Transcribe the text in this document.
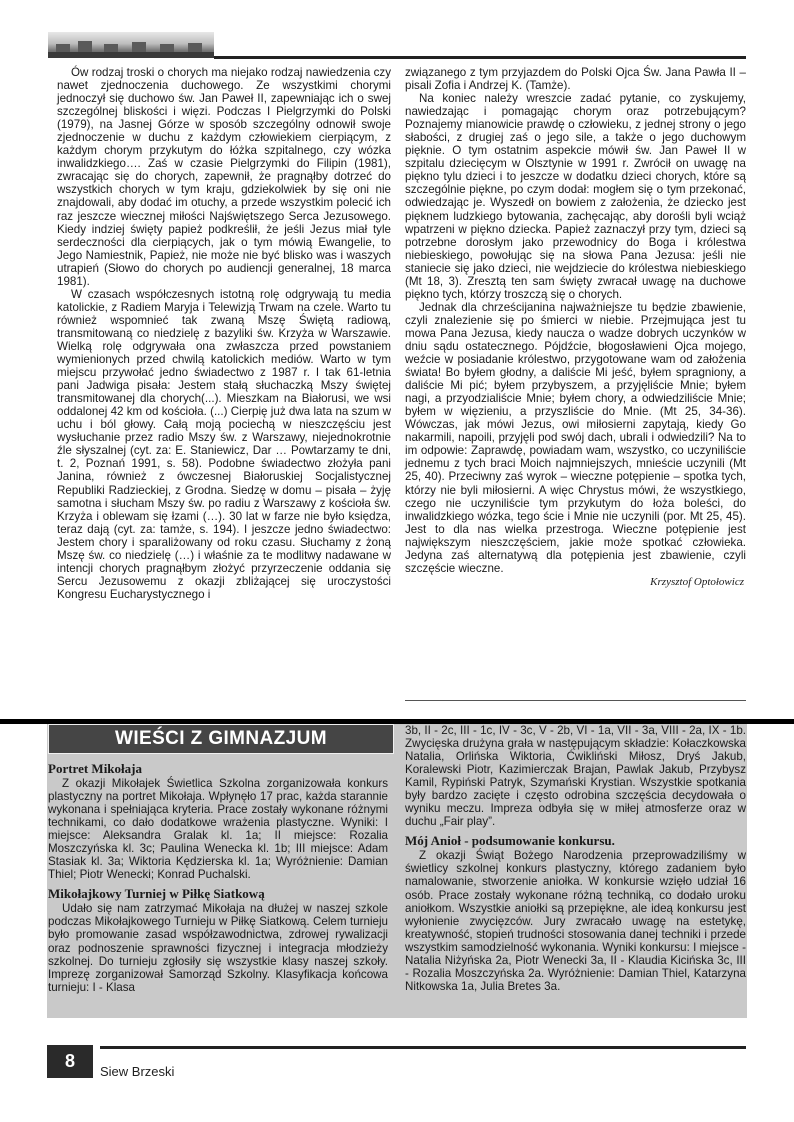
Ów rodzaj troski o chorych ma niejako rodzaj nawiedzenia czy nawet zjednoczenia duchowego. Ze wszystkimi chorymi jednoczył się duchowo św. Jan Paweł II, zapewniając ich o swej szczególnej bliskości i więzi. Podczas I Pielgrzymki do Polski (1979), na Jasnej Górze w sposób szczególny odnowił swoje zjednoczenie w duchu z każdym człowiekiem cierpiącym, z każdym chorym przykutym do łóżka szpitalnego, czy wózka inwalidzkiego…. Zaś w czasie Pielgrzymki do Filipin (1981), zwracając się do chorych, zapewnił, że pragnąłby dotrzeć do wszystkich chorych w tym kraju, gdziekolwiek by się oni nie znajdowali, aby dodać im otuchy, a przede wszystkim polecić ich raz jeszcze wiecznej miłości Najświętszego Serca Jezusowego. Kiedy indziej święty papież podkreślił, że jeśli Jezus miał tyle serdeczności dla cierpiących, jak o tym mówią Ewangelie, to Jego Namiestnik, Papież, nie może nie być blisko was i waszych utrapień (Słowo do chorych po audiencji generalnej, 18 marca 1981).

W czasach współczesnych istotną rolę odgrywają tu media katolickie, z Radiem Maryja i Telewizją Trwam na czele. Warto tu również wspomnieć tak zwaną Mszę Świętą radiową, transmitowaną co niedzielę z bazyliki św. Krzyża w Warszawie. Wielką rolę odgrywała ona zwłaszcza przed powstaniem wymienionych przed chwilą katolickich mediów. Warto w tym miejscu przywołać jedno świadectwo z 1987 r. I tak 61-letnia pani Jadwiga pisała: Jestem stałą słuchaczką Mszy świętej transmitowanej dla chorych(...). Mieszkam na Białorusi, we wsi oddalonej 42 km od kościoła. (...) Cierpię już dwa lata na szum w uchu i ból głowy. Całą moją pociechą w nieszczęściu jest wysłuchanie przez radio Mszy św. z Warszawy, niejednokrotnie źle słyszalnej (cyt. za: E. Staniewicz, Dar … Powtarzamy te dni, t. 2, Poznań 1991, s. 58). Podobne świadectwo złożyła pani Janina, również z ówczesnej Białoruskiej Socjalistycznej Republiki Radzieckiej, z Grodna. Siedzę w domu – pisała – żyję samotna i słucham Mszy św. po radiu z Warszawy z kościoła św. Krzyża i oblewam się łzami (…). 30 lat w farze nie było księdza, teraz dają (cyt. za: tamże, s. 194). I jeszcze jedno świadectwo: Jestem chory i sparaliżowany od roku czasu. Słuchamy z żoną Mszę św. co niedzielę (…) i właśnie za te modlitwy nadawane w intencji chorych pragnąłbym złożyć przyrzeczenie oddania się Sercu Jezusowemu z okazji zbliżającej się uroczystości Kongresu Eucharystycznego i

związanego z tym przyjazdem do Polski Ojca Św. Jana Pawła II – pisali Zofia i Andrzej K. (Tamże).

Na koniec należy wreszcie zadać pytanie, co zyskujemy, nawiedzając i pomagając chorym oraz potrzebującym? Poznajemy mianowicie prawdę o człowieku, z jednej strony o jego słabości, z drugiej zaś o jego sile, a także o jego duchowym pięknie. O tym ostatnim aspekcie mówił św. Jan Paweł II w szpitalu dziecięcym w Olsztynie w 1991 r. Zwrócił on uwagę na piękno tylu dzieci i to jeszcze w dodatku dzieci chorych, które są szczególnie piękne, po czym dodał: mogłem się o tym przekonać, odwiedzając je. Wyszedł on bowiem z założenia, że dziecko jest pięknem ludzkiego bytowania, zachęcając, aby dorośli byli wciąż wpatrzeni w piękno dziecka. Papież zaznaczył przy tym, dzieci są potrzebne dorosłym jako przewodnicy do Boga i królestwa niebieskiego, powołując się na słowa Pana Jezusa: jeśli nie staniecie się jako dzieci, nie wejdziecie do królestwa niebieskiego (Mt 18, 3). Zresztą ten sam święty zwracał uwagę na duchowe piękno tych, którzy troszczą się o chorych.

Jednak dla chrześcijanina najważniejsze tu będzie zbawienie, czyli znalezienie się po śmierci w niebie. Przejmująca jest tu mowa Pana Jezusa, kiedy naucza o wadze dobrych uczynków w dniu sądu ostatecznego. Pójdźcie, błogosławieni Ojca mojego, weźcie w posiadanie królestwo, przygotowane wam od założenia świata! Bo byłem głodny, a daliście Mi jeść, byłem spragniony, a daliście Mi pić; byłem przybyszem, a przyjęliście Mnie; byłem nagi, a przyodzialiście Mnie; byłem chory, a odwiedziliście Mnie; byłem w więzieniu, a przyszliście do Mnie. (Mt 25, 34-36). Wówczas, jak mówi Jezus, owi miłosierni zapytają, kiedy Go nakarmili, napoili, przyjęli pod swój dach, ubrali i odwiedzili? Na to im odpowie: Zaprawdę, powiadam wam, wszystko, co uczyniliście jednemu z tych braci Moich najmniejszych, mnieście uczynili (Mt 25, 40). Przeciwny zaś wyrok – wieczne potępienie – spotka tych, którzy nie byli miłosierni. A więc Chrystus mówi, że wszystkiego, czego nie uczyniliście tym przykutym do łoża boleści, do inwalidzkiego wózka, tego ście i Mnie nie uczynili (por. Mt 25, 45). Jest to dla nas wielka przestroga. Wieczne potępienie jest największym nieszczęściem, jakie może spotkać człowieka. Jedyna zaś alternatywą dla potępienia jest zbawienie, czyli szczęście wieczne.

Krzysztof Optołowicz
WIEŚCI Z GIMNAZJUM
Portret Mikołaja

Z okazji Mikołajek Świetlica Szkolna zorganizowała konkurs plastyczny na portret Mikołaja. Wpłynęło 17 prac, każda starannie wykonana i spełniająca kryteria. Prace zostały wykonane różnymi technikami, co dało dodatkowe wrażenia plastyczne. Wyniki: I miejsce: Aleksandra Gralak kl. 1a; II miejsce: Rozalia Moszczyńska kl. 3c; Paulina Wenecka kl. 1b; III miejsce: Adam Stasiak kl. 3a; Wiktoria Kędzierska kl. 1a; Wyróżnienie: Damian Thiel; Piotr Wenecki; Konrad Puchalski.

Mikołajkowy Turniej w Piłkę Siatkową

Udało się nam zatrzymać Mikołaja na dłużej w naszej szkole podczas Mikołajkowego Turnieju w Piłkę Siatkową. Celem turnieju było promowanie zasad współzawodnictwa, zdrowej rywalizacji oraz podnoszenie sprawności fizycznej i integracja młodzieży szkolnej. Do turnieju zgłosiły się wszystkie klasy naszej szkoły. Imprezę zorganizował Samorząd Szkolny. Klasyfikacja końcowa turnieju: I - Klasa

3b, II - 2c, III - 1c, IV - 3c, V - 2b, VI - 1a, VII - 3a, VIII - 2a, IX - 1b. Zwycięska drużyna grała w następującym składzie: Kołaczkowska Natalia, Orlińska Wiktoria, Ćwikliński Miłosz, Dryś Jakub, Koralewski Piotr, Kazimierczak Brajan, Pawlak Jakub, Przybysz Kamil, Rypiński Patryk, Szymański Krystian. Wszystkie spotkania były bardzo zacięte i często odrobina szczęścia decydowała o wyniku meczu. Impreza odbyła się w miłej atmosferze oraz w duchu „Fair play”.

Mój Anioł - podsumowanie konkursu.

Z okazji Świąt Bożego Narodzenia przeprowadziliśmy w świetlicy szkolnej konkurs plastyczny, którego zadaniem było namalowanie, stworzenie aniołka. W konkursie wzięło udział 16 osób. Prace zostały wykonane różną techniką, co dodało uroku aniołkom. Wszystkie aniołki są przepiękne, ale ideą konkursu jest wyłonienie zwycięzców. Jury zwracało uwagę na estetykę, kreatywność, stopień trudności stosowania danej techniki i przede wszystkim samodzielność wykonania. Wyniki konkursu: I miejsce - Natalia Niżyńska 2a, Piotr Wenecki 3a, II - Klaudia Kicińska 3c, III - Rozalia Moszczyńska 2a. Wyróżnienie: Damian Thiel, Katarzyna Nitkowska 1a, Julia Bretes 3a.

8
Siew Brzeski
